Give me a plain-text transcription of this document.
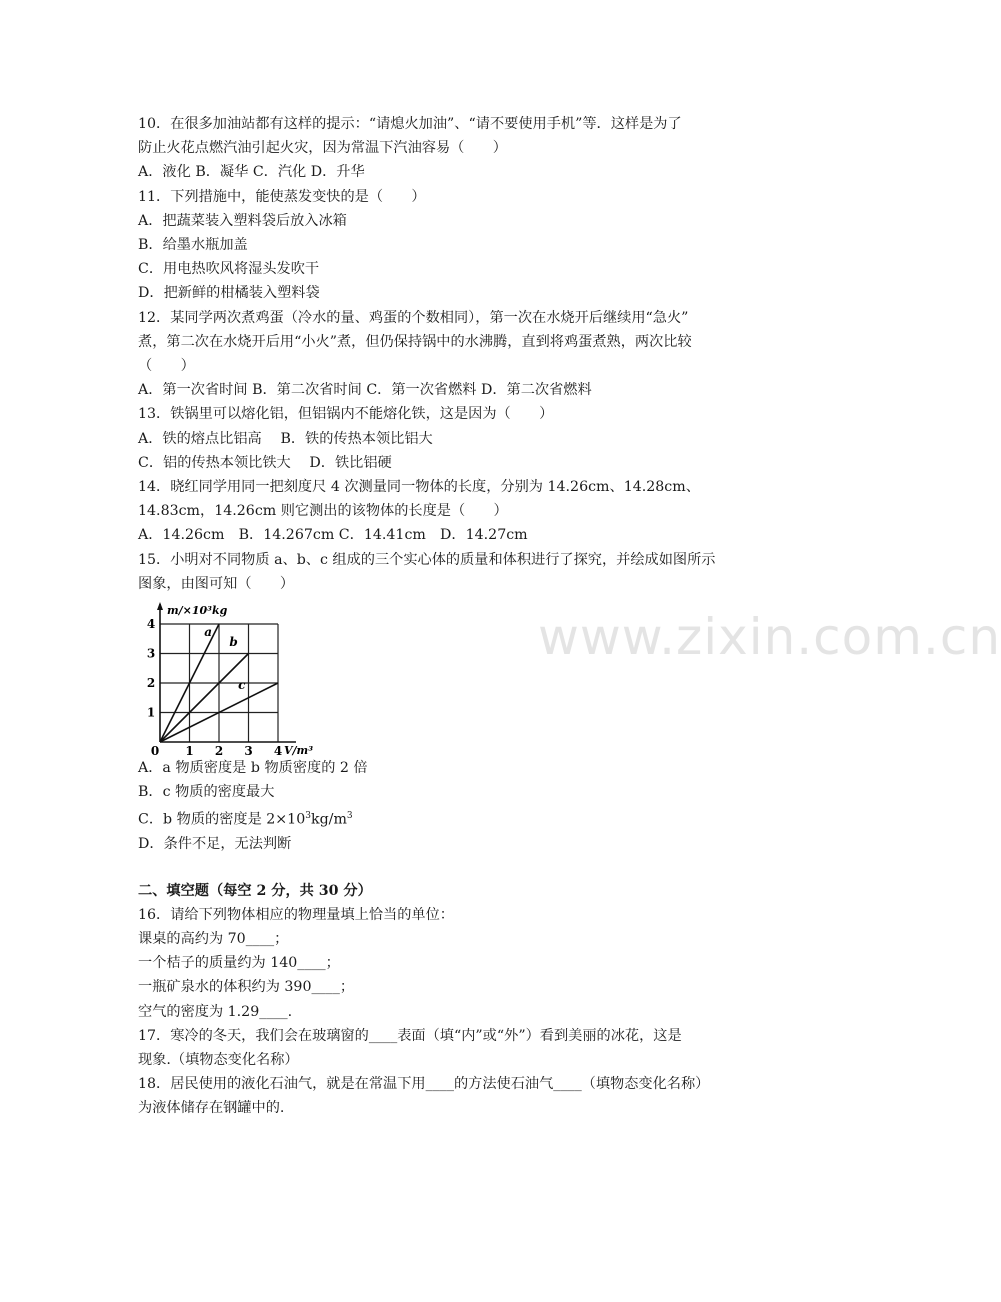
www.zixin.com.cn
10．在很多加油站都有这样的提示：“请熄火加油”、“请不要使用手机”等．这样是为了
防止火花点燃汽油引起火灾，因为常温下汽油容易（　　）
A．液化 B．凝华 C．汽化 D．升华
11．下列措施中，能使蒸发变快的是（　　）
A．把蔬菜装入塑料袋后放入冰箱
B．给墨水瓶加盖
C．用电热吹风将湿头发吹干
D．把新鲜的柑橘装入塑料袋
12．某同学两次煮鸡蛋（冷水的量、鸡蛋的个数相同），第一次在水烧开后继续用“急火”
煮，第二次在水烧开后用“小火”煮，但仍保持锅中的水沸腾，直到将鸡蛋煮熟，两次比较
（　　）
A．第一次省时间 B．第二次省时间 C．第一次省燃料 D．第二次省燃料
13．铁锅里可以熔化铝，但铝锅内不能熔化铁，这是因为（　　）
A．铁的熔点比铝高　 B．铁的传热本领比铝大
C．铝的传热本领比铁大　 D．铁比铝硬
14．晓红同学用同一把刻度尺 4 次测量同一物体的长度，分别为 14.26cm、14.28cm、
14.83cm，14.26cm 则它测出的该物体的长度是（　　）
A．14.26cm　B．14.267cm C．14.41cm　D．14.27cm
15．小明对不同物质 a、b、c 组成的三个实心体的质量和体积进行了探究，并绘成如图所示
图象，由图可知（　　）
1 2 3 4
1
2
3
4
0
m/×10³kg
V/m³
a
b
c
A．a 物质密度是 b 物质密度的 2 倍
B．c 物质的密度最大
C．b 物质的密度是 $2\times 10^3kg/m^3$
D．条件不足，无法判断
二、填空题（每空 2 分，共 30 分）
16．请给下列物体相应的物理量填上恰当的单位：
课桌的高约为 70____；
一个桔子的质量约为 140____；
一瓶矿泉水的体积约为 390____；
空气的密度为 1.29____.
17．寒冷的冬天，我们会在玻璃窗的____表面（填“内”或“外”）看到美丽的冰花，这是
现象.（填物态变化名称）
18．居民使用的液化石油气，就是在常温下用____的方法使石油气____（填物态变化名称）
为液体储存在钢罐中的.
